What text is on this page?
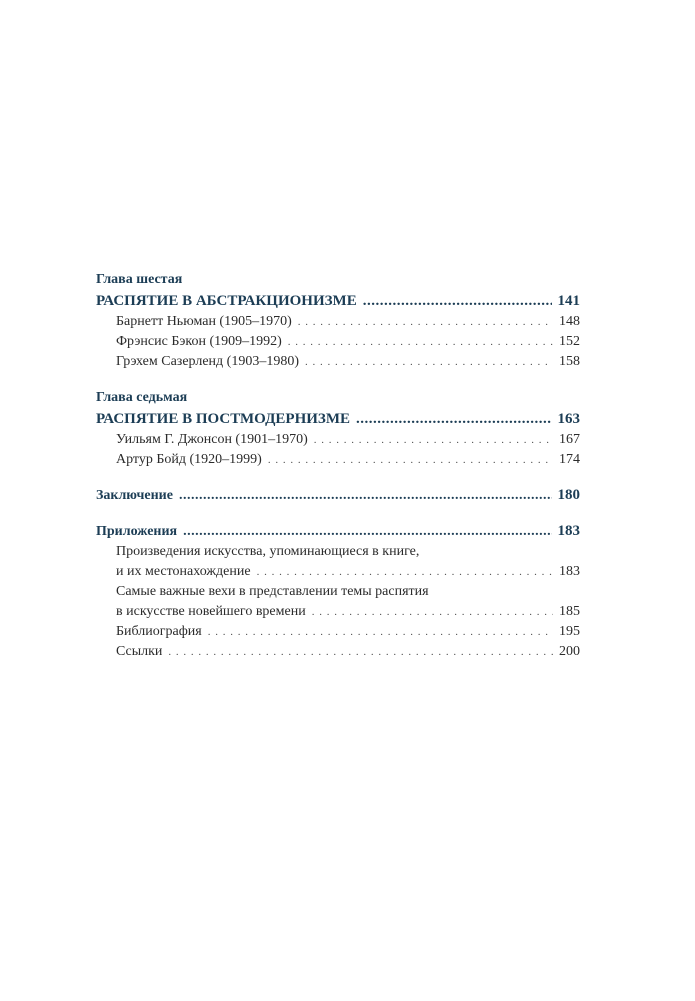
Глава шестая
РАСПЯТИЕ В АБСТРАКЦИОНИЗМЕ .....	141
Барнетт Ньюман (1905–1970) . . .	148
Фрэнсис Бэкон (1909–1992) . . .	152
Грэхем Сазерленд (1903–1980) . . .	158
Глава седьмая
РАСПЯТИЕ В ПОСТМОДЕРНИЗМЕ .....	163
Уильям Г. Джонсон (1901–1970) . . .	167
Артур Бойд (1920–1999) . . .	174
Заключение .....	180
Приложения .....	183
Произведения искусства, упоминающиеся в книге,
и их местонахождение . . .	183
Самые важные вехи в представлении темы распятия
в искусстве новейшего времени . . .	185
Библиография . . .	195
Ссылки . . .	200
